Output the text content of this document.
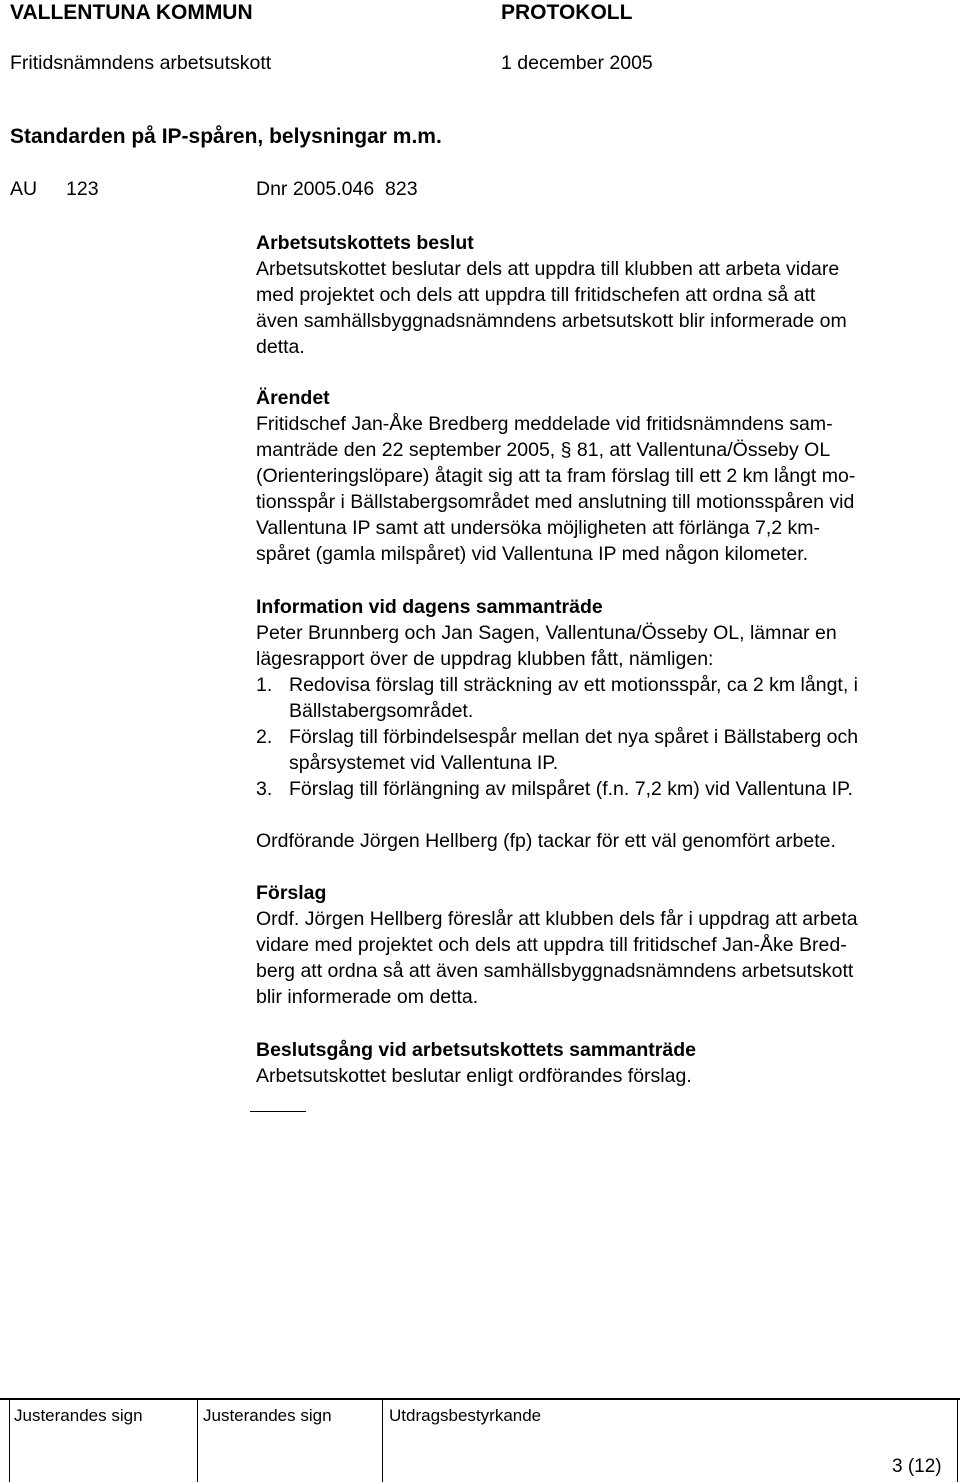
VALLENTUNA KOMMUN	PROTOKOLL
Fritidsnämndens arbetsutskott	1 december 2005
Standarden på IP-spåren, belysningar m.m.
AU 123	Dnr 2005.046  823
Arbetsutskottets beslut
Arbetsutskottet beslutar dels att uppdra till klubben att arbeta vidare
med projektet och dels att uppdra till fritidschefen att ordna så att
även samhällsbyggnadsnämndens arbetsutskott blir informerade om
detta.
Ärendet
Fritidschef Jan-Åke Bredberg meddelade vid fritidsnämndens sam-
manträde den 22 september 2005, § 81, att Vallentuna/Össeby OL
(Orienteringslöpare) åtagit sig att ta fram förslag till ett 2 km långt mo-
tionsspår i Bällstabergsområdet med anslutning till motionsspåren vid
Vallentuna IP samt att undersöka möjligheten att förlänga 7,2 km-
spåret (gamla milspåret) vid Vallentuna IP med någon kilometer.
Information vid dagens sammanträde
Peter Brunnberg och Jan Sagen, Vallentuna/Össeby OL, lämnar en
lägesrapport över de uppdrag klubben fått, nämligen:
1. Redovisa förslag till sträckning av ett motionsspår, ca 2 km långt, i
Bällstabergsområdet.
2. Förslag till förbindelsespår mellan det nya spåret i Bällstaberg och
spårsystemet vid Vallentuna IP.
3. Förslag till förlängning av milspåret (f.n. 7,2 km) vid Vallentuna IP.
Ordförande Jörgen Hellberg (fp) tackar för ett väl genomfört arbete.
Förslag
Ordf. Jörgen Hellberg föreslår att klubben dels får i uppdrag att arbeta
vidare med projektet och dels att uppdra till fritidschef Jan-Åke Bred-
berg att ordna så att även samhällsbyggnadsnämndens arbetsutskott
blir informerade om detta.
Beslutsgång vid arbetsutskottets sammanträde
Arbetsutskottet beslutar enligt ordförandes förslag.
Justerandes sign	Justerandes sign	Utdragsbestyrkande
3 (12)
